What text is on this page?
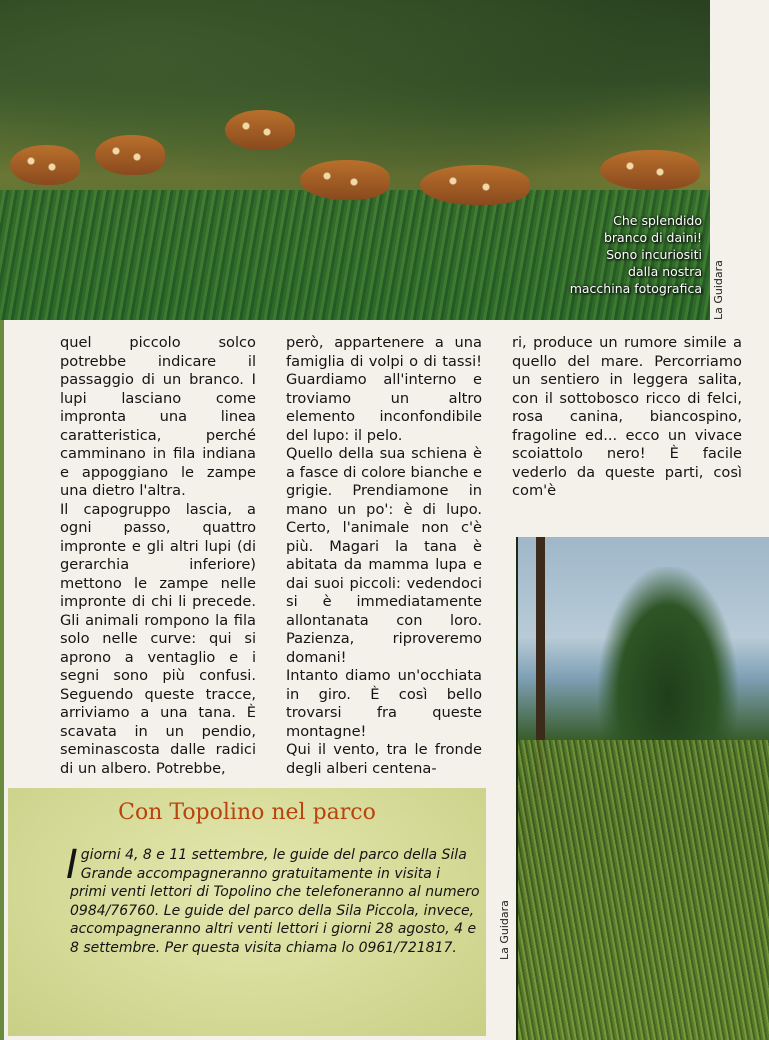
Che splendido
branco di daini!
Sono incuriositi
dalla nostra
macchina fotografica La Guidara

quel piccolo solco potrebbe indicare il passaggio di un branco. I lupi lasciano come impronta una linea caratteristica, perché camminano in fila indiana e appoggiano le zampe una dietro l'altra.
Il capogruppo lascia, a ogni passo, quattro impronte e gli altri lupi (di gerarchia inferiore) mettono le zampe nelle impronte di chi li precede. Gli animali rompono la fila solo nelle curve: qui si aprono a ventaglio e i segni sono più confusi. Seguendo queste tracce, arriviamo a una tana. È scavata in un pendio, seminascosta dalle radici di un albero. Potrebbe,

però, appartenere a una famiglia di volpi o di tassi! Guardiamo all'interno e troviamo un altro elemento inconfondibile del lupo: il pelo.
Quello della sua schiena è a fasce di colore bianche e grigie. Prendiamone in mano un po': è di lupo. Certo, l'animale non c'è più. Magari la tana è abitata da mamma lupa e dai suoi piccoli: vedendoci si è immediatamente allontanata con loro. Pazienza, riproveremo domani!
Intanto diamo un'occhiata in giro. È così bello trovarsi fra queste montagne!
Qui il vento, tra le fronde degli alberi centena-

ri, produce un rumore simile a quello del mare. Percorriamo un sentiero in leggera salita, con il sottobosco ricco di felci, rosa canina, biancospino, fragoline ed... ecco un vivace scoiattolo nero! È facile vederlo da queste parti, così com'è

La Guidara
Con Topolino nel parco
I giorni 4, 8 e 11 settembre, le guide del parco della Sila Grande accompagneranno gratuitamente in visita i primi venti lettori di Topolino che telefoneranno al numero 0984/76760. Le guide del parco della Sila Piccola, invece, accompagneranno altri venti lettori i giorni 28 agosto, 4 e 8 settembre. Per questa visita chiama lo 0961/721817.
